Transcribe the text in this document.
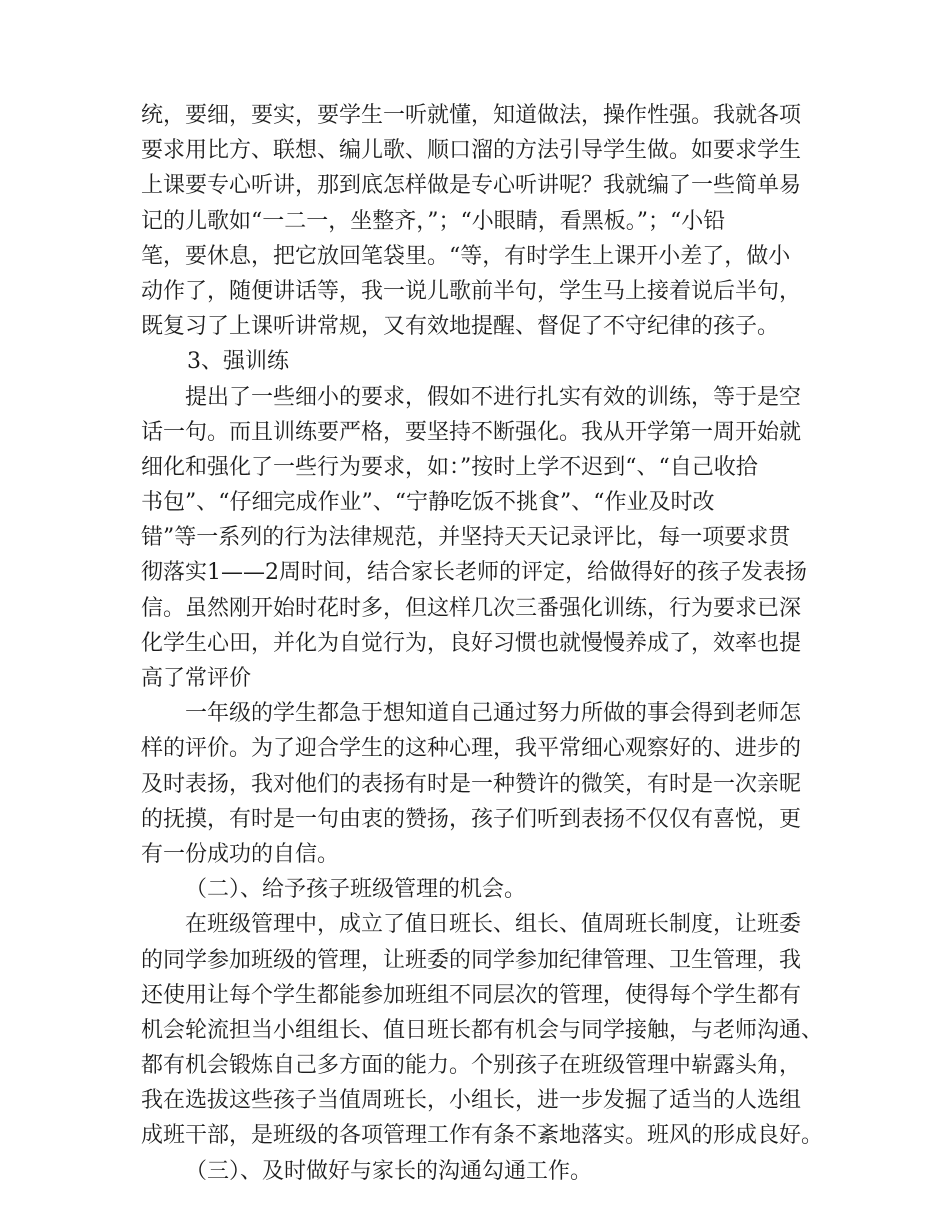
统，要细，要实，要学生一听就懂，知道做法，操作性强。我就各项
要求用比方、联想、编儿歌、顺口溜的方法引导学生做。如要求学生
上课要专心听讲，那到底怎样做是专心听讲呢？我就编了一些简单易
记的儿歌如“一二一，坐整齐，”；“小眼睛，看黑板。”；“小铅
笔，要休息，把它放回笔袋里。“等，有时学生上课开小差了，做小
动作了，随便讲话等，我一说儿歌前半句，学生马上接着说后半句，
既复习了上课听讲常规，又有效地提醒、督促了不守纪律的孩子。
3、强训练
提出了一些细小的要求，假如不进行扎实有效的训练，等于是空
话一句。而且训练要严格，要坚持不断强化。我从开学第一周开始就
细化和强化了一些行为要求，如：”按时上学不迟到“、“自己收拾
书包”、“仔细完成作业”、“宁静吃饭不挑食”、“作业及时改
错”等一系列的行为法律规范，并坚持天天记录评比，每一项要求贯
彻落实1——2周时间，结合家长老师的评定，给做得好的孩子发表扬
信。虽然刚开始时花时多，但这样几次三番强化训练，行为要求已深
化学生心田，并化为自觉行为，良好习惯也就慢慢养成了，效率也提
高了常评价
一年级的学生都急于想知道自己通过努力所做的事会得到老师怎
样的评价。为了迎合学生的这种心理，我平常细心观察好的、进步的
及时表扬，我对他们的表扬有时是一种赞许的微笑，有时是一次亲昵
的抚摸，有时是一句由衷的赞扬，孩子们听到表扬不仅仅有喜悦，更
有一份成功的自信。
（二）、给予孩子班级管理的机会。
在班级管理中，成立了值日班长、组长、值周班长制度，让班委
的同学参加班级的管理，让班委的同学参加纪律管理、卫生管理，我
还使用让每个学生都能参加班组不同层次的管理，使得每个学生都有
机会轮流担当小组组长、值日班长都有机会与同学接触，与老师沟通、
都有机会锻炼自己多方面的能力。个别孩子在班级管理中崭露头角，
我在选拔这些孩子当值周班长，小组长，进一步发掘了适当的人选组
成班干部，是班级的各项管理工作有条不紊地落实。班风的形成良好。
（三）、及时做好与家长的沟通勾通工作。
